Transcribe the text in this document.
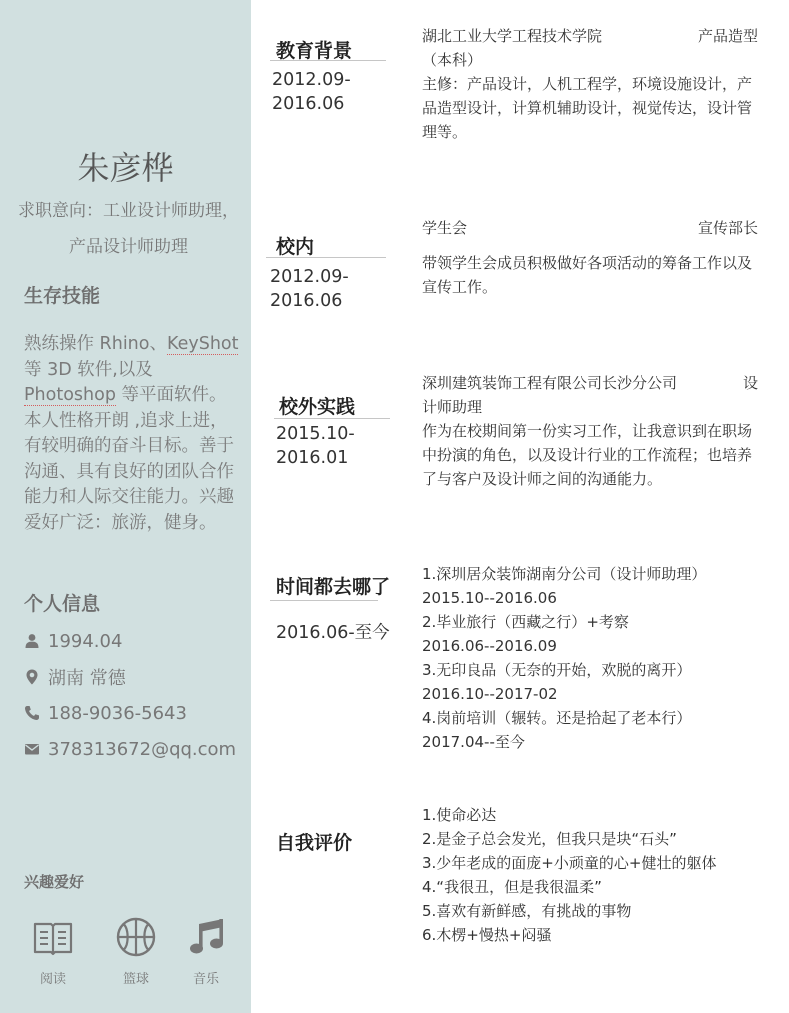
朱彦桦
求职意向：工业设计师助理，
产品设计师助理
生存技能
熟练操作 Rhino、KeyShot 等 3D 软件,以及Photoshop 等平面软件。本人性格开朗 ,追求上进，有较明确的奋斗目标。善于沟通、具有良好的团队合作能力和人际交往能力。兴趣爱好广泛：旅游，健身。
个人信息
1994.04
湖南 常德
188-9036-5643
378313672@qq.com
兴趣爱好
阅读	篮球	音乐
教育背景
2012.09-2016.06
湖北工业大学工程技术学院	产品造型
（本科）
主修：产品设计，人机工程学，环境设施设计，产品造型设计，计算机辅助设计，视觉传达，设计管理等。
校内
2012.09-2016.06
学生会	宣传部长
带领学生会成员积极做好各项活动的筹备工作以及宣传工作。
校外实践
2015.10-2016.01
深圳建筑装饰工程有限公司长沙分公司	设
计师助理
作为在校期间第一份实习工作，让我意识到在职场中扮演的角色，以及设计行业的工作流程；也培养了与客户及设计师之间的沟通能力。
时间都去哪了
2016.06-至今
1.深圳居众装饰湖南分公司（设计师助理）
2015.10--2016.06
2.毕业旅行（西藏之行）+考察
2016.06--2016.09
3.无印良品（无奈的开始，欢脱的离开）
2016.10--2017-02
4.岗前培训（辗转。还是拾起了老本行）
2017.04--至今
自我评价
1.使命必达
2.是金子总会发光，但我只是块“石头”
3.少年老成的面庞+小顽童的心+健壮的躯体
4.“我很丑，但是我很温柔”
5.喜欢有新鲜感，有挑战的事物
6.木楞+慢热+闷骚
